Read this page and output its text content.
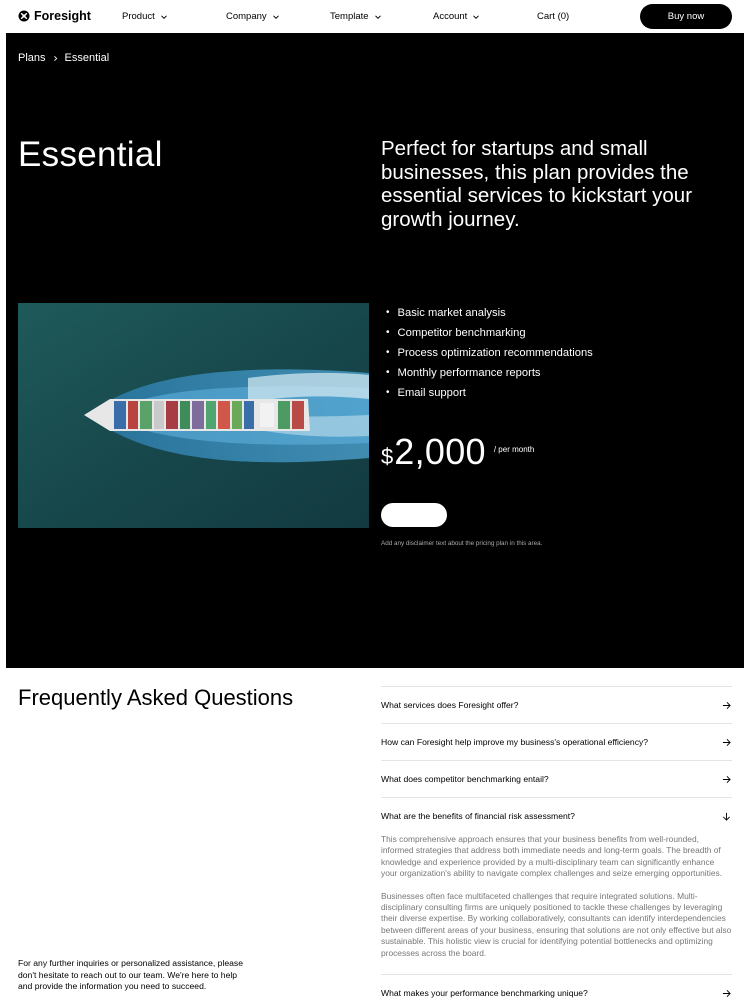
Foresight	Product	Company	Template	Account	Cart (0)	Buy now
Plans Essential
Essential	Perfect for startups and small businesses, this plan provides the essential services to kickstart your growth journey.

• Basic market analysis
• Competitor benchmarking
• Process optimization recommendations
• Monthly performance reports
• Email support
$ 2,000 / per month

Add any disclaimer text about the pricing plan in this area.

Frequently Asked Questions

For any further inquiries or personalized assistance, please don't hesitate to reach out to our team. We're here to help and provide the information you need to succeed.

What services does Foresight offer?
How can Foresight help improve my business's operational efficiency?
What does competitor benchmarking entail?
What are the benefits of financial risk assessment?

This comprehensive approach ensures that your business benefits from well-rounded, informed strategies that address both immediate needs and long-term goals. The breadth of knowledge and experience provided by a multi-disciplinary team can significantly enhance your organization's ability to navigate complex challenges and seize emerging opportunities.

Businesses often face multifaceted challenges that require integrated solutions. Multi-disciplinary consulting firms are uniquely positioned to tackle these challenges by leveraging their diverse expertise. By working collaboratively, consultants can identify interdependencies between different areas of your business, ensuring that solutions are not only effective but also sustainable. This holistic view is crucial for identifying potential bottlenecks and optimizing processes across the board.

What makes your performance benchmarking unique?
